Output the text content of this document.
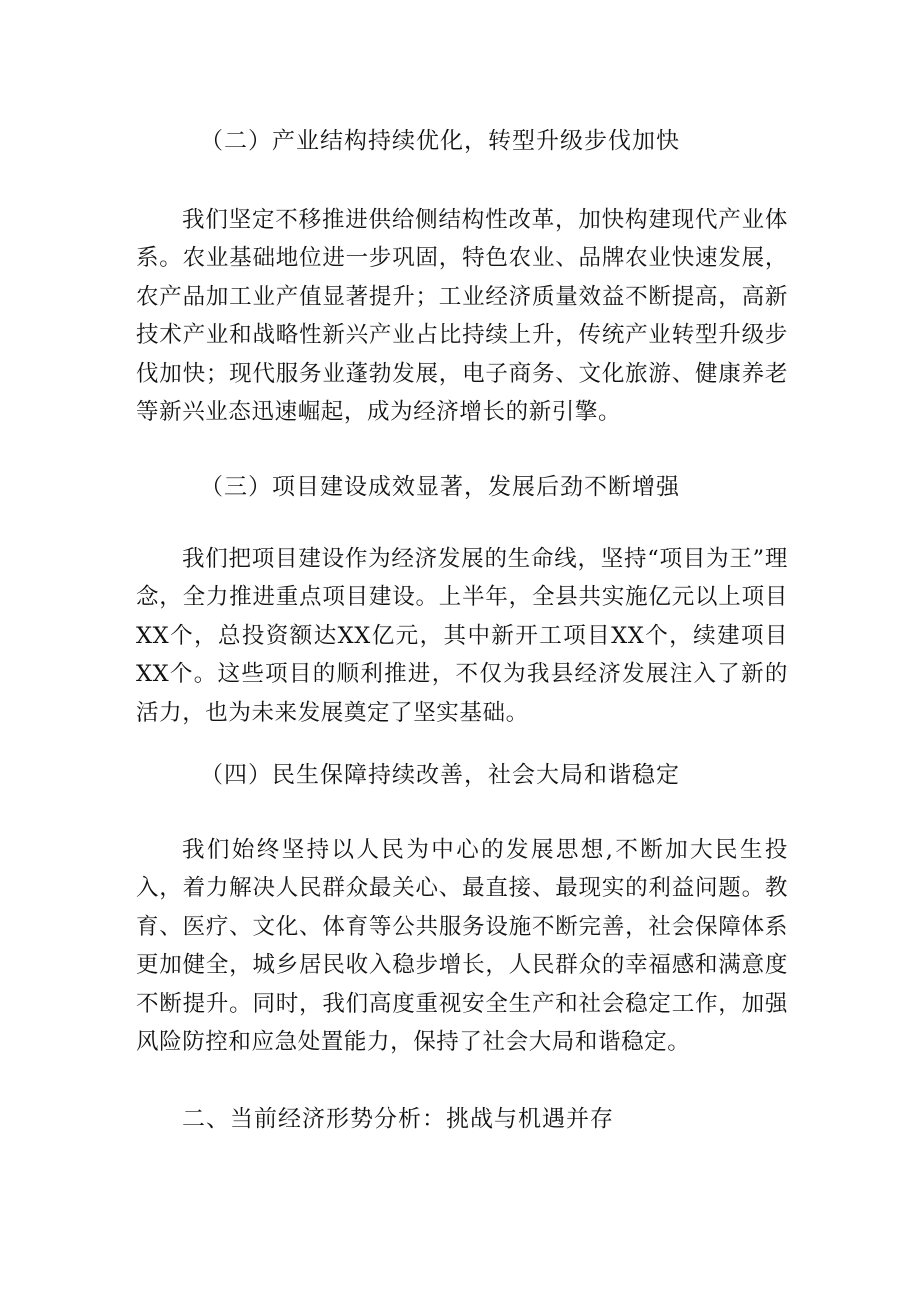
（二）产业结构持续优化，转型升级步伐加快

我们坚定不移推进供给侧结构性改革，加快构建现代产业体系。农业基础地位进一步巩固，特色农业、品牌农业快速发展，农产品加工业产值显著提升；工业经济质量效益不断提高，高新技术产业和战略性新兴产业占比持续上升，传统产业转型升级步伐加快；现代服务业蓬勃发展，电子商务、文化旅游、健康养老等新兴业态迅速崛起，成为经济增长的新引擎。

（三）项目建设成效显著，发展后劲不断增强

我们把项目建设作为经济发展的生命线，坚持“项目为王”理念，全力推进重点项目建设。上半年，全县共实施亿元以上项目XX个，总投资额达XX亿元，其中新开工项目XX个，续建项目XX个。这些项目的顺利推进，不仅为我县经济发展注入了新的活力，也为未来发展奠定了坚实基础。

（四）民生保障持续改善，社会大局和谐稳定

我们始终坚持以人民为中心的发展思想,不断加大民生投入，着力解决人民群众最关心、最直接、最现实的利益问题。教育、医疗、文化、体育等公共服务设施不断完善，社会保障体系更加健全，城乡居民收入稳步增长，人民群众的幸福感和满意度不断提升。同时，我们高度重视安全生产和社会稳定工作，加强风险防控和应急处置能力，保持了社会大局和谐稳定。

二、当前经济形势分析：挑战与机遇并存
